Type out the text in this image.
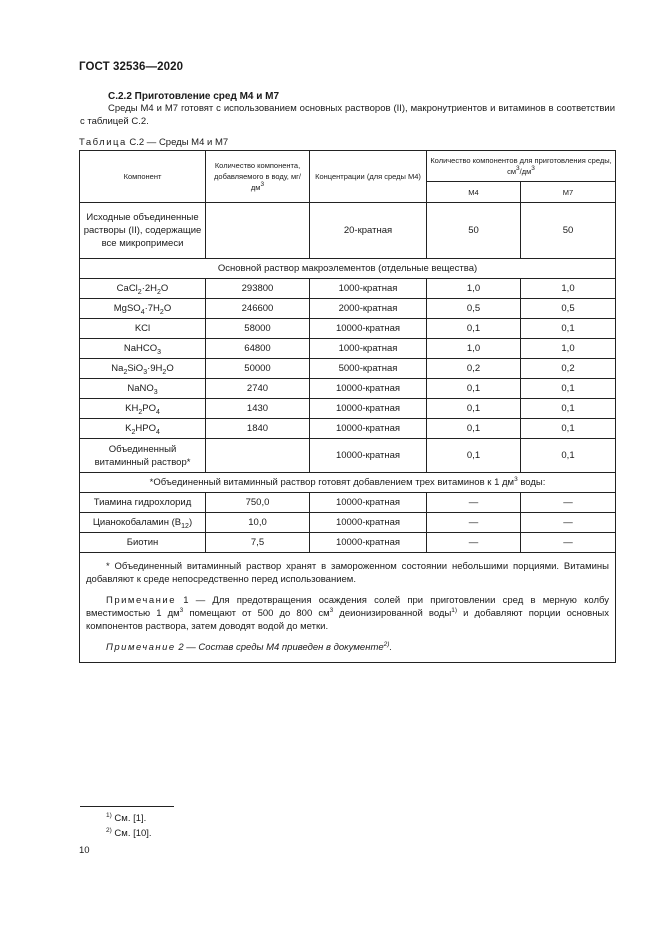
ГОСТ 32536—2020
С.2.2 Приготовление сред М4 и М7
Среды М4 и М7 готовят с использованием основных растворов (II), макронутриентов и витаминов в соответствии с таблицей С.2.
Таблица С.2 — Среды М4 и М7
Компонент	Количество компонента, добавляемого в воду, $мг/дм^3$	Концентрации (для среды М4)	Количество компонентов для приготовления среды, $см^3/дм^3$
			М4	М7
Исходные объединенные растворы (II), содержащие все микропримеси		20-кратная	50	50
Основной раствор макроэлементов (отдельные вещества)				
$CaCl_2\cdot 2H_2O$	293800	1000-кратная	1,0	1,0
$MgSO_4\cdot 7H_2O$	246600	2000-кратная	0,5	0,5
KCl	58000	10000-кратная	0,1	0,1
NaHCO$_3$	64800	1000-кратная	1,0	1,0
$Na_2SiO_3\cdot 9H_2O$	50000	5000-кратная	0,2	0,2
NaNO$_3$	2740	10000-кратная	0,1	0,1
$KH_2PO_4$	1430	10000-кратная	0,1	0,1
$K_2HPO_4$	1840	10000-кратная	0,1	0,1
Объединенный витаминный раствор*		10000-кратная	0,1	0,1
*Объединенный витаминный раствор готовят добавлением трех витаминов к 1 $дм^3$ воды:				
Тиамина гидрохлорид	750,0	10000-кратная	—	—
Цианокобаламин $(B_{12})$	10,0	10000-кратная	—	—
Биотин	7,5	10000-кратная	—	—

* Объединенный витаминный раствор хранят в замороженном состоянии небольшими порциями. Витамины добавляют к среде непосредственно перед использованием.

Примечание 1 — Для предотвращения осаждения солей при приготовлении сред в мерную колбу вместимостью 1 $дм^3$ помещают от 500 до 800 $см^3$ деионизированной воды$^{1)}$ и добавляют порции основных компонентов раствора, затем доводят водой до метки.

Примечание 2 — Состав среды М4 приведен в документе$^{2)}$.				

$^{1)}$ См. [1].
$^{2)}$ См. [10].
10
